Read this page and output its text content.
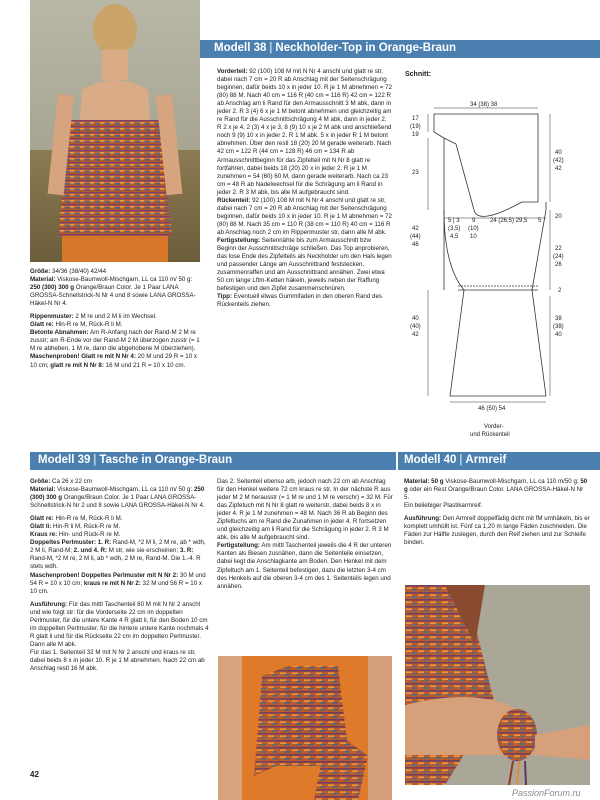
Modell 38 | Neckholder-Top in Orange-Braun
Größe: 34/36 (38/40) 42/44
Material: Viskose-Baumwoll-Mischgarn, LL ca 110 m/ 50 g: 250 (300) 300 g Orange/Braun Color. Je 1 Paar LANA GROSSA-Schnellstrick-N Nr 4 und 8 sowie LANA GROSSA-Häkel-N Nr 4.
Rippenmuster: 2 M re und 2 M li im Wechsel.
Glatt re: Hin-R re M, Rück-R li M.
Betonte Abnahmen: Am R-Anfang nach der Rand-M 2 M re zusstr; am R-Ende vor der Rand-M 2 M überzogen zusstr (= 1 M re abheben, 1 M re, dann die abgehobene M überziehen).
Maschenproben! Glatt re mit N Nr 4: 20 M und 29 R = 10 x 10 cm; glatt re mit N Nr 8: 16 M und 21 R = 10 x 10 cm.
Vorderteil: 92 (100) 108 M mit N Nr 4 anschl und glatt re str, dabei nach 7 cm = 20 R ab Anschlag mit der Seitenschrägung beginnen, dafür beids 10 x in jeder 10. R je 1 M abnehmen = 72 (80) 88 M. Nach 40 cm = 116 R (40 cm = 116 R) 42 cm = 122 R ab Anschlag am li Rand für den Armausschnitt 3 M abk, dann in jeder 2. R 3 (4) 6 x je 1 M betont abnehmen und gleichzeitig am re Rand für die Ausschnittschrägung 4 M abk, dann in jeder 2. R 2 x je 4, 2 (3) 4 x je 3, 8 (9) 10 x je 2 M abk und anschließend noch 9 (9) 10 x in jeder 2. R 1 M abk. 5 x in jeder R 1 M betont abnehmen. Über den restl 18 (20) 20 M gerade weiterarb. Nach 42 cm = 122 R (44 cm = 128 R) 46 cm = 134 R ab Armausschnittbeginn für das Zipfelteil mit N Nr 8 glatt re fortfahren, dabei beids 18 (20) 20 x in jeder 2. R je 1 M zunehmen = 54 (60) 60 M, dann gerade weiterarb. Nach ca 23 cm = 48 R ab Nadelwechsel für die Schrägung am li Rand in jeder 2. R 3 M abk, bis alle M aufgebraucht sind.
Rückenteil: 92 (100) 108 M mit N Nr 4 anschl und glatt re str, dabei nach 7 cm = 20 R ab Anschlag mit der Seitenschrägung beginnen, dafür beids 10 x in jeder 10. R je 1 M abnehmen = 72 (80) 88 M. Nach 35 cm = 110 R (38 cm = 110 R) 40 cm = 116 R ab Anschlag noch 2 cm im Rippenmuster str, dann alle M abk.
Fertigstellung: Seitennähte bis zum Armausschnitt bzw Beginn der Ausschnittschräge schließen. Das Top anprobieren, das lose Ende des Zipfelteils als Neckholder um den Hals legen und passender Länge am Ausschnittrand feststecken, zusammenraffen und am Ausschnittrand annähen. Zwei etwa 50 cm lange Lftm-Ketten häkeln, jeweils neben der Raffung befestigen und den Zipfel zusammenschnüren.
Tipp: Eventuell etwas Gummifaden in den oberen Rand des Rückenteils ziehen.
Schnitt:
34 (38) 38
17
(19)
19
23
40
(42)
42
5 | 3
(3,5)
4,5
9
(10)
10
24 (26,5) 29,5 5
20
42
(44)
46
22
(24)
26
2
40
(40)
42
38
(38)
40
46 (50) 54
Vorder-
und Rückenteil
Modell 39 | Tasche in Orange-Braun	Modell 40 | Armreif
Größe: Ca 26 x 22 cm
Material: Viskose-Baumwoll-Mischgarn, LL ca 110 m/ 50 g: 250 (300) 300 g Orange/Braun Color. Je 1 Paar LANA GROSSA-Schnellstrick-N Nr 2 und 8 sowie LANA GROSSA-Häkel-N Nr 4.
Glatt re: Hin-R re M, Rück-R li M.
Glatt li: Hin-R li M, Rück-R re M.
Kraus re: Hin- und Rück-R re M.
Doppeltes Perlmuster: 1. R: Rand-M, *2 M li, 2 M re, ab * wdh, 2 M li, Rand-M; 2. und 4. R: M str, wie sie erscheinen; 3. R: Rand-M, *2 M re, 2 M li, ab * wdh, 2 M re, Rand-M. Die 1.-4. R stets wdh.
Maschenproben! Doppeltes Perlmuster mit N Nr 2: 30 M und 54 R = 10 x 10 cm; kraus re mit N Nr 2: 32 M und 56 R = 10 x 10 cm.
Ausführung: Für das mittl Taschenteil 80 M mit N Nr 2 anschl und wie folgt str: für die Vorderseite 22 cm im doppelten Perlmuster, für die untere Kante 4 R glatt li, für den Boden 10 cm im doppelten Perlmuster, für die hintere untere Kante nochmals 4 R glatt li und für die Rückseite 22 cm im doppelten Perlmuster. Dann alle M abk.
Für das 1. Seitenteil 32 M mit N Nr 2 anschl und kraus re str, dabei beids 8 x in jeder 10. R je 1 M abnehmen. Nach 22 cm ab Anschlag restl 16 M abk.
Das 2. Seitenteil ebenso arb, jedoch nach 22 cm ab Anschlag für den Henkel weitere 72 cm kraus re str. In der nächste R aus jeder M 2 M herausstr (= 1 M re und 1 M re verschr) = 32 M. Für das Zipfetuch mit N Nr 8 glatt re weiterstr, dabei beids 8 x in jeder 4. R je 1 M zunehmen = 48 M. Nach 36 R ab Beginn des Zipfeltuchs am re Rand die Zunahmen in jeder 4. R fortsetzen und gleichzeitig am li Rand für die Schrägung in jeder 2. R 3 M abk, bis alle M aufgebraucht sind.
Fertigstellung: Am mittl Taschenteil jeweils die 4 R der unteren Kanten als Biesen zusnähen, dann die Seitenteile einsetzen, dabei liegt die Anschlagkante am Boden. Den Henkel mit dem Zipfeltuch am 1. Seitenteil befestigen, dazu die letzten 3-4 cm des Henkels auf die oberen 3-4 cm des 1. Seitenteils legen und annähen.
Material: 50 g Viskose-Baumwoll-Mischgarn, LL ca 110 m/50 g: 50 g oder ein Rest Orange/Braun Color. LANA GROSSA-Häkel-N Nr 5.
Ein beliebiger Plastikarmreif.
Ausführung: Den Armreif doppelfädig dicht mit fM umhäkeln, bis er komplett umhüllt ist. Fünf ca 1,20 m lange Fäden zuschneiden. Die Fäden zur Hälfte zuslegen, durch den Reif ziehen und zur Schleife binden.
42
PassionForum.ru
